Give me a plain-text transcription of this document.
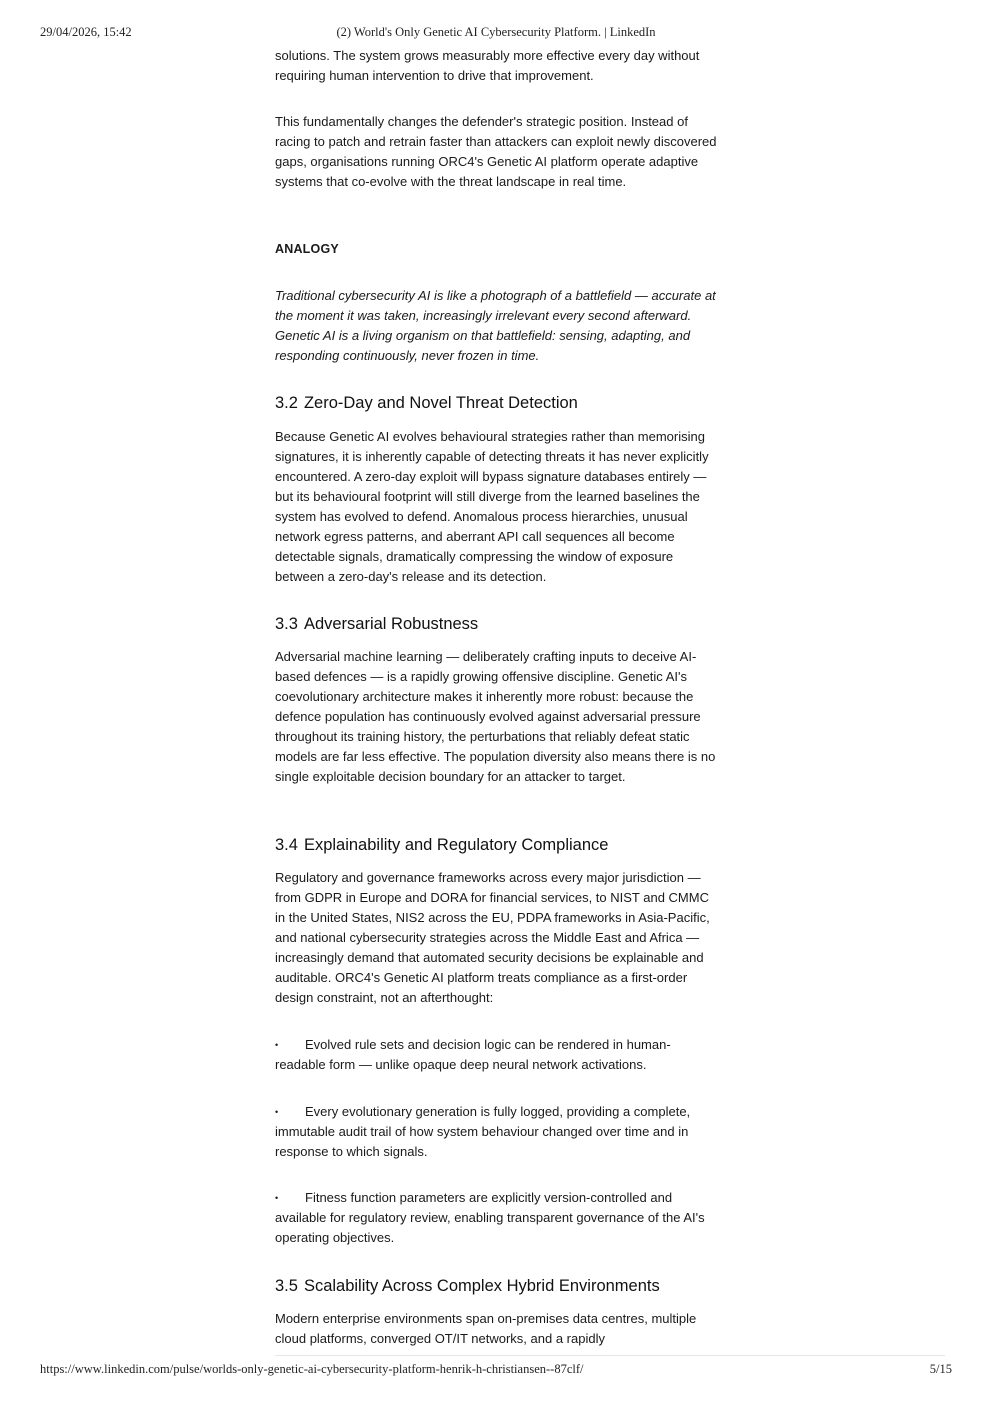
29/04/2026, 15:42	(2) World's Only Genetic AI Cybersecurity Platform. | LinkedIn

solutions. The system grows measurably more effective every day without requiring human intervention to drive that improvement.

This fundamentally changes the defender's strategic position. Instead of racing to patch and retrain faster than attackers can exploit newly discovered gaps, organisations running ORC4's Genetic AI platform operate adaptive systems that co-evolve with the threat landscape in real time.

ANALOGY

Traditional cybersecurity AI is like a photograph of a battlefield — accurate at the moment it was taken, increasingly irrelevant every second afterward. Genetic AI is a living organism on that battlefield: sensing, adapting, and responding continuously, never frozen in time.

3.2 Zero-Day and Novel Threat Detection

Because Genetic AI evolves behavioural strategies rather than memorising signatures, it is inherently capable of detecting threats it has never explicitly encountered. A zero-day exploit will bypass signature databases entirely — but its behavioural footprint will still diverge from the learned baselines the system has evolved to defend. Anomalous process hierarchies, unusual network egress patterns, and aberrant API call sequences all become detectable signals, dramatically compressing the window of exposure between a zero-day's release and its detection.

3.3 Adversarial Robustness

Adversarial machine learning — deliberately crafting inputs to deceive AI-based defences — is a rapidly growing offensive discipline. Genetic AI's coevolutionary architecture makes it inherently more robust: because the defence population has continuously evolved against adversarial pressure throughout its training history, the perturbations that reliably defeat static models are far less effective. The population diversity also means there is no single exploitable decision boundary for an attacker to target.

3.4 Explainability and Regulatory Compliance

Regulatory and governance frameworks across every major jurisdiction — from GDPR in Europe and DORA for financial services, to NIST and CMMC in the United States, NIS2 across the EU, PDPA frameworks in Asia-Pacific, and national cybersecurity strategies across the Middle East and Africa — increasingly demand that automated security decisions be explainable and auditable. ORC4's Genetic AI platform treats compliance as a first-order design constraint, not an afterthought:

• Evolved rule sets and decision logic can be rendered in human-readable form — unlike opaque deep neural network activations.

• Every evolutionary generation is fully logged, providing a complete, immutable audit trail of how system behaviour changed over time and in response to which signals.

• Fitness function parameters are explicitly version-controlled and available for regulatory review, enabling transparent governance of the AI's operating objectives.

3.5 Scalability Across Complex Hybrid Environments

Modern enterprise environments span on-premises data centres, multiple cloud platforms, converged OT/IT networks, and a rapidly

https://www.linkedin.com/pulse/worlds-only-genetic-ai-cybersecurity-platform-henrik-h-christiansen--87clf/	5/15
